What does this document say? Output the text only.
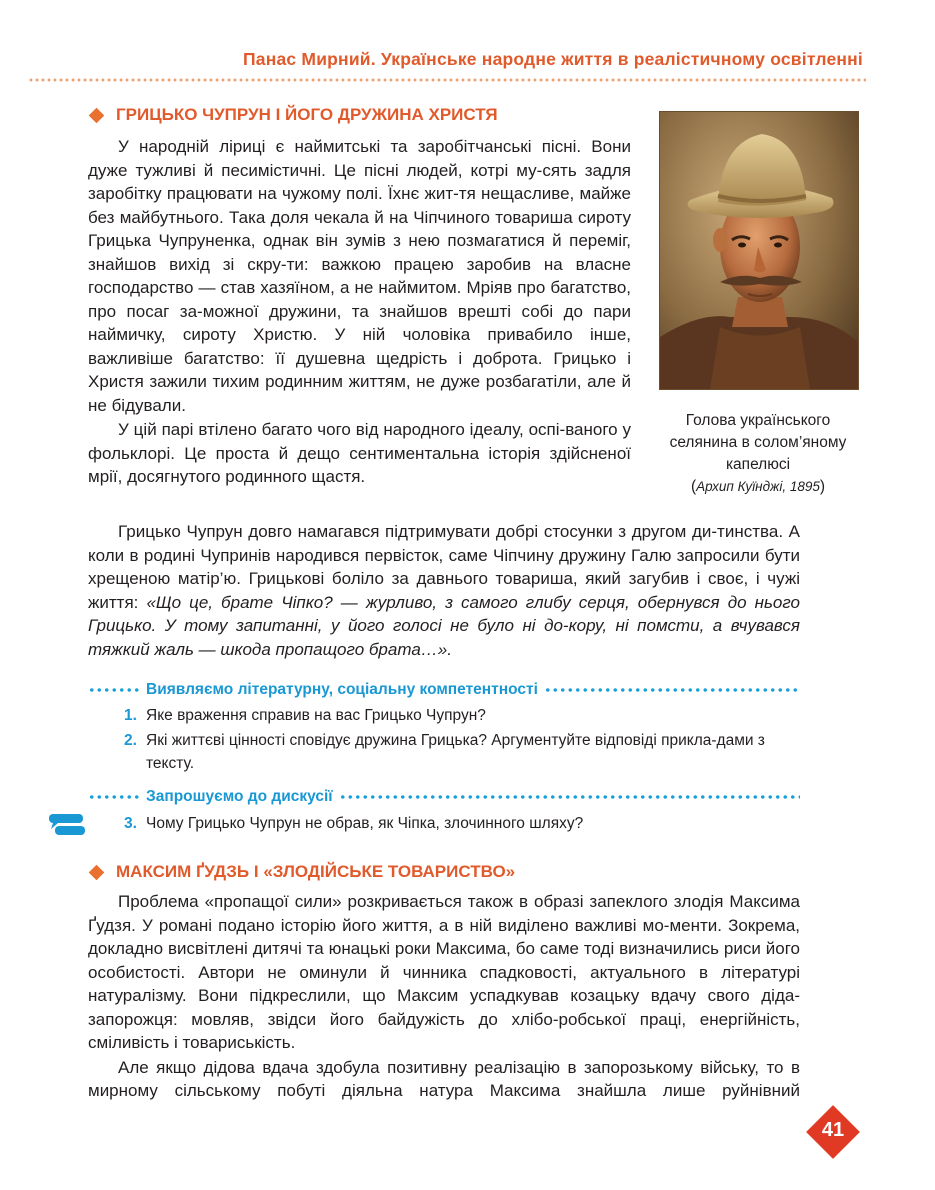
Панас Мирний. Українське народне життя в реалістичному освітленні
ГРИЦЬКО ЧУПРУН І ЙОГО ДРУЖИНА ХРИСТЯ

У народній ліриці є наймитські та заробітчанські пісні. Вони дуже тужливі й песимістичні. Це пісні людей, котрі му-сять задля заробітку працювати на чужому полі. Їхнє жит-тя нещасливе, майже без майбутнього. Така доля чекала й на Чіпчиного товариша сироту Грицька Чупруненка, однак він зумів з нею позмагатися й переміг, знайшов вихід зі скру-ти: важкою працею заробив на власне господарство — став хазяїном, а не наймитом. Мріяв про багатство, про посаг за-можної дружини, та знайшов врешті собі до пари наймичку, сироту Христю. У ній чоловіка привабило інше, важливіше багатство: її душевна щедрість і доброта. Грицько і Христя зажили тихим родинним життям, не дуже розбагатіли, але й не бідували.

У цій парі втілено багато чого від народного ідеалу, оспі-ваного у фольклорі. Це проста й дещо сентиментальна історія здійсненої мрії, досягнутого родинного щастя.

Голова українського селянина в солом’яному капелюсі
(Архип Куїнджі, 1895)

Грицько Чупрун довго намагався підтримувати добрі стосунки з другом ди-тинства. А коли в родині Чупринів народився первісток, саме Чіпчину дружину Галю запросили бути хрещеною матір’ю. Грицькові боліло за давнього товариша, який загубив і своє, і чужі життя: «Що це, брате Чіпко? — журливо, з самого глибу серця, обернувся до нього Грицько. У тому запитанні, у його голосі не було ні до-кору, ні помсти, а вчувався тяжкий жаль — шкода пропащого брата…».

Виявляємо літературну, соціальну компетентності
1. Яке враження справив на вас Грицько Чупрун?
2. Які життєві цінності сповідує дружина Грицька? Аргументуйте відповіді прикла-дами з тексту.
Запрошуємо до дискусії
3. Чому Грицько Чупрун не обрав, як Чіпка, злочинного шляху?
МАКСИМ ҐУДЗЬ І «ЗЛОДІЙСЬКЕ ТОВАРИСТВО»

Проблема «пропащої сили» розкривається також в образі запеклого злодія Максима Ґудзя. У романі подано історію його життя, а в ній виділено важливі мо-менти. Зокрема, докладно висвітлені дитячі та юнацькі роки Максима, бо саме тоді визначились риси його особистості. Автори не оминули й чинника спадковості, актуального в літературі натуралізму. Вони підкреслили, що Максим успадкував козацьку вдачу свого діда-запорожця: мовляв, звідси його байдужість до хлібо-робської праці, енергійність, сміливість і товариськість.

Але якщо дідова вдача здобула позитивну реалізацію в запорозькому війську, то в мирному сільському побуті діяльна натура Максима знайшла лише руйнівний

41
